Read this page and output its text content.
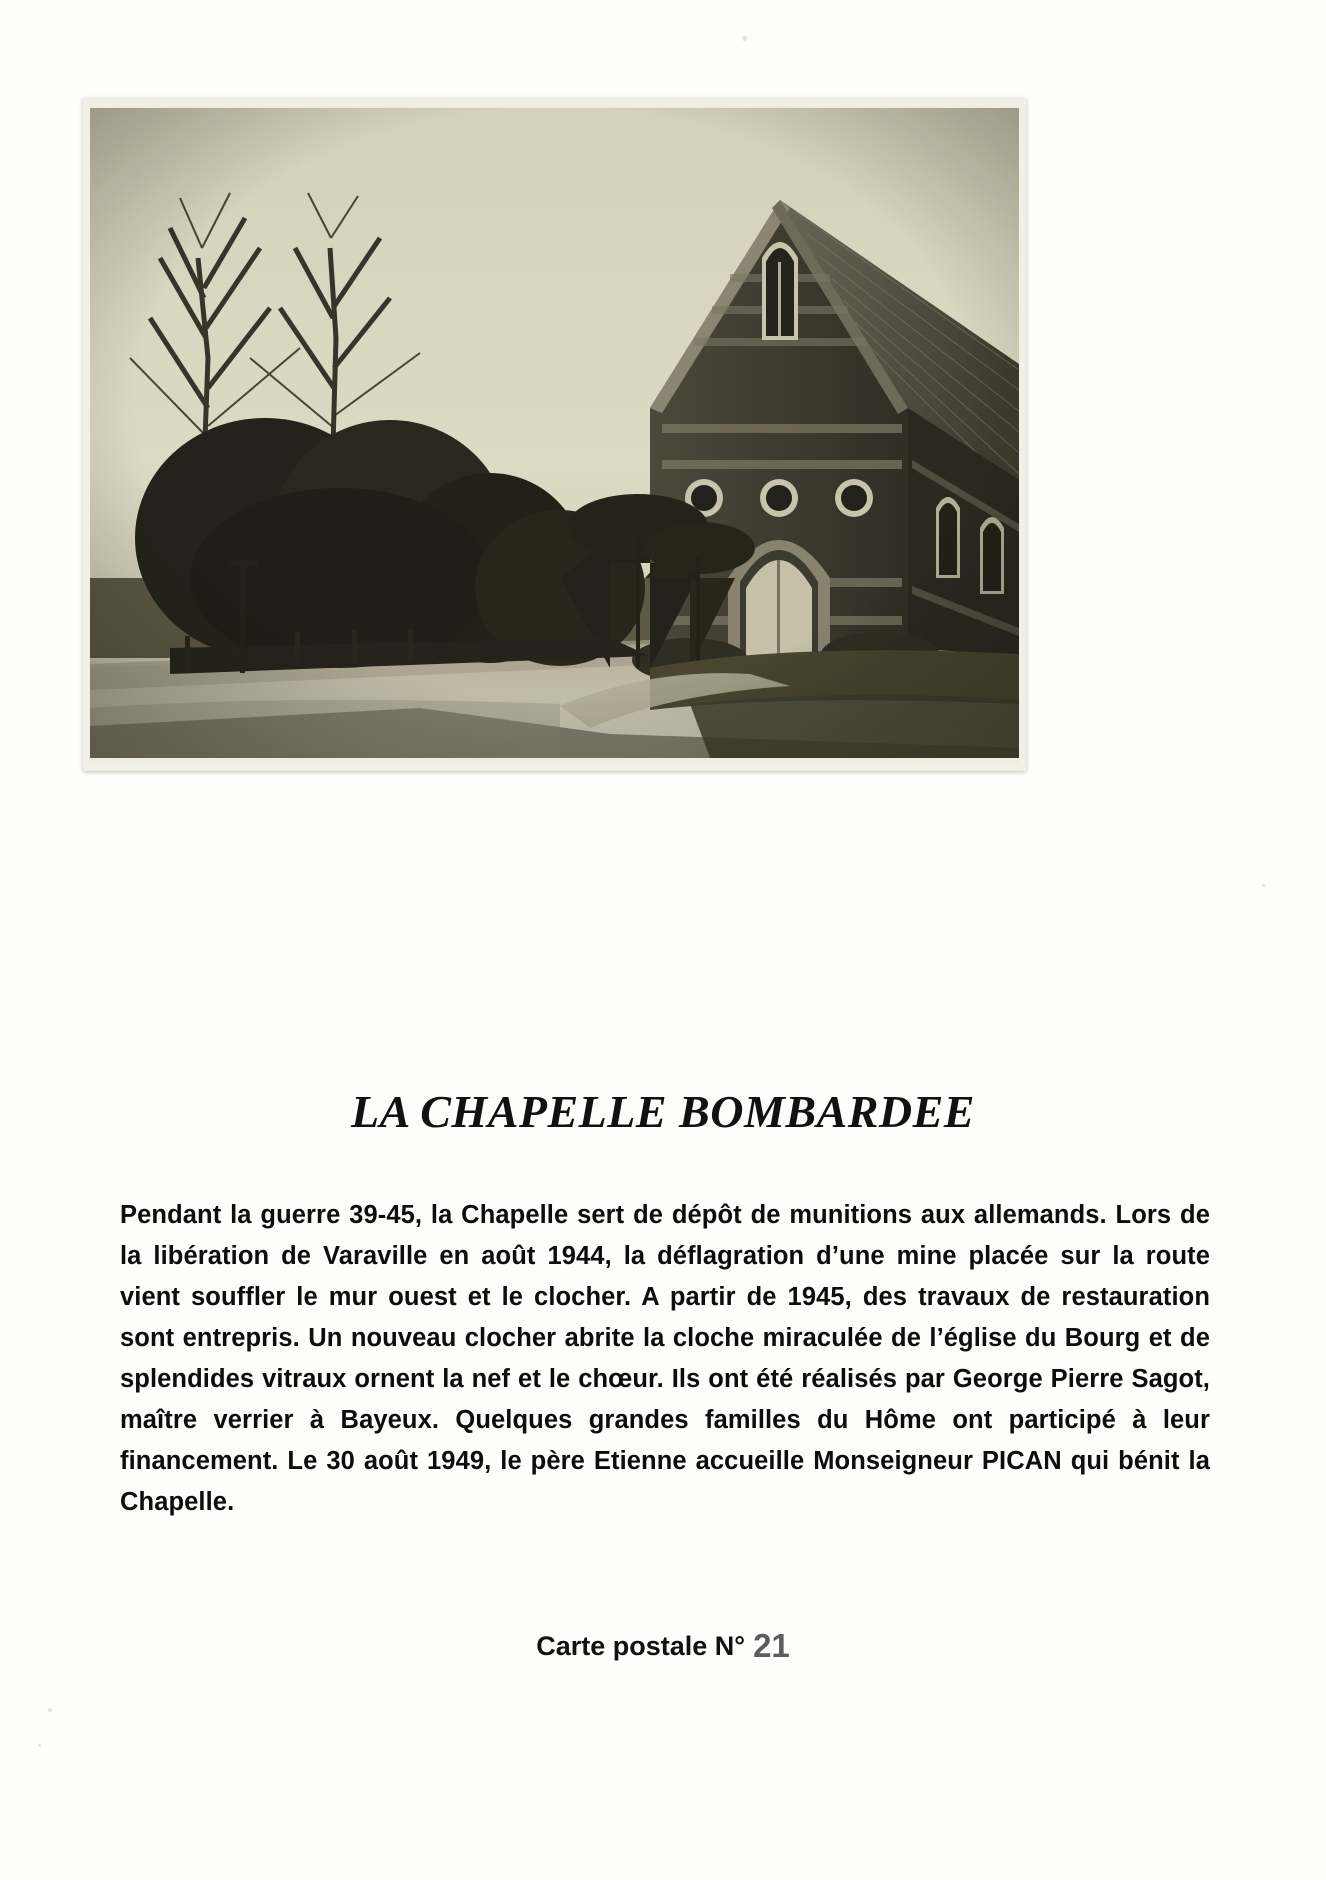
LA CHAPELLE BOMBARDEE

Pendant la guerre 39-45, la Chapelle sert de dépôt de munitions aux allemands. Lors de la libération de Varaville en août 1944, la déflagration d’une mine placée sur la route vient souffler le mur ouest et le clocher. A partir de 1945, des travaux de restauration sont entrepris. Un nouveau clocher abrite la cloche miraculée de l’église du Bourg et de splendides vitraux ornent la nef et le chœur. Ils ont été réalisés par George Pierre Sagot, maître verrier à Bayeux. Quelques grandes familles du Hôme ont participé à leur financement. Le 30 août 1949, le père Etienne accueille Monseigneur PICAN qui bénit la Chapelle.

Carte postale N° 21
